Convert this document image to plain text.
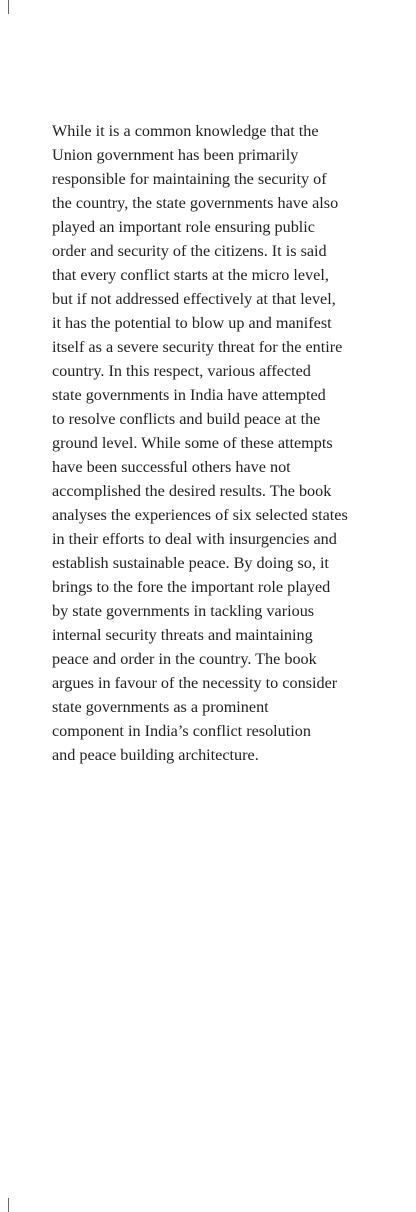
While it is a common knowledge that the
Union government has been primarily
responsible for maintaining the security of
the country, the state governments have also
played an important role ensuring public
order and security of the citizens. It is said
that every conflict starts at the micro level,
but if not addressed effectively at that level,
it has the potential to blow up and manifest
itself as a severe security threat for the entire
country. In this respect, various affected
state governments in India have attempted
to resolve conflicts and build peace at the
ground level. While some of these attempts
have been successful others have not
accomplished the desired results. The book
analyses the experiences of six selected states
in their efforts to deal with insurgencies and
establish sustainable peace. By doing so, it
brings to the fore the important role played
by state governments in tackling various
internal security threats and maintaining
peace and order in the country. The book
argues in favour of the necessity to consider
state governments as a prominent
component in India’s conflict resolution
and peace building architecture.
